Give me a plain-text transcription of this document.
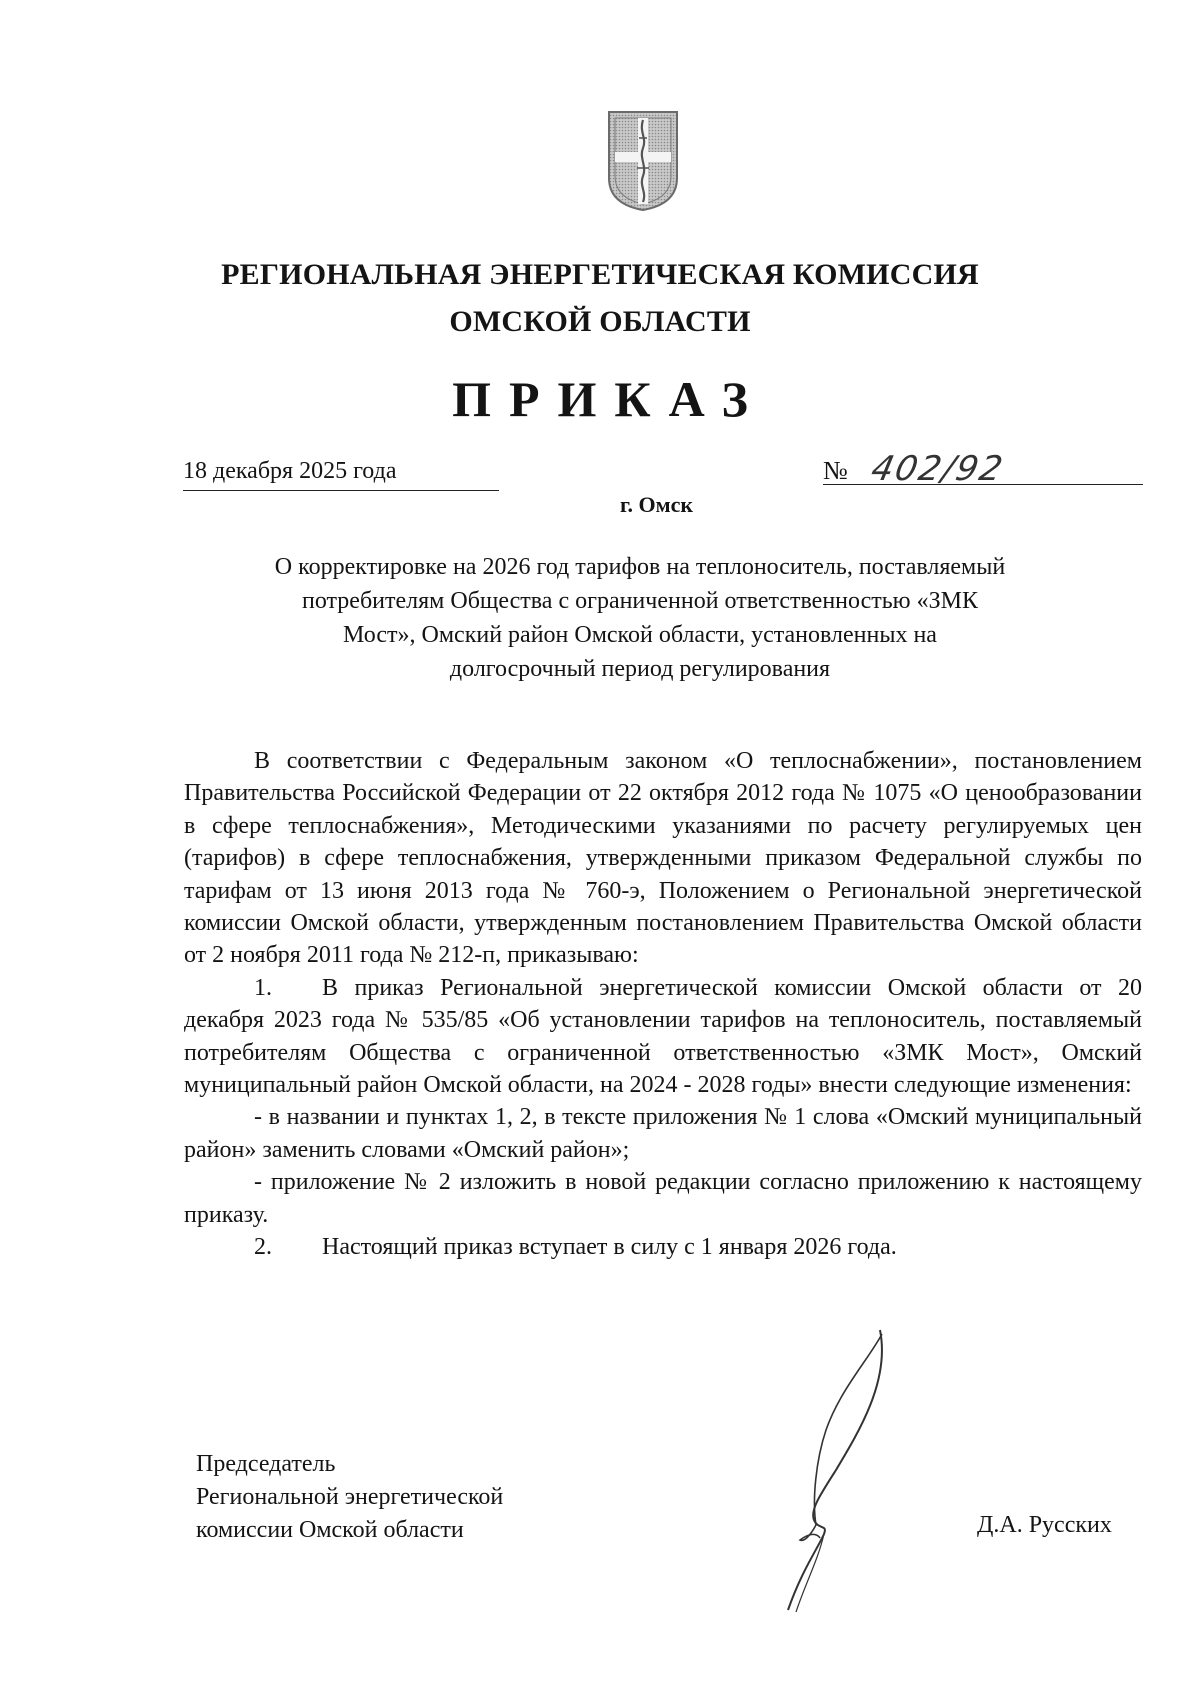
РЕГИОНАЛЬНАЯ ЭНЕРГЕТИЧЕСКАЯ КОМИССИЯ
ОМСКОЙ ОБЛАСТИ
ПРИКАЗ
18 декабря 2025 года	№ 402/92
г. Омск
О корректировке на 2026 год тарифов на теплоноситель, поставляемый
потребителям Общества с ограниченной ответственностью «ЗМК
Мост», Омский район Омской области, установленных на
долгосрочный период регулирования

В соответствии с Федеральным законом «О теплоснабжении», постановлением Правительства Российской Федерации от 22 октября 2012 года № 1075 «О ценообразовании в сфере теплоснабжения», Методическими указаниями по расчету регулируемых цен (тарифов) в сфере теплоснабжения, утвержденными приказом Федеральной службы по тарифам от 13 июня 2013 года № 760-э, Положением о Региональной энергетической комиссии Омской области, утвержденным постановлением Правительства Омской области от 2 ноября 2011 года № 212-п, приказываю:

1. В приказ Региональной энергетической комиссии Омской области от 20 декабря 2023 года № 535/85 «Об установлении тарифов на теплоноситель, поставляемый потребителям Общества с ограниченной ответственностью «ЗМК Мост», Омский муниципальный район Омской области, на 2024 - 2028 годы» внести следующие изменения:

- в названии и пунктах 1, 2, в тексте приложения № 1 слова «Омский муниципальный район» заменить словами «Омский район»;

- приложение № 2 изложить в новой редакции согласно приложению к настоящему приказу.

2. Настоящий приказ вступает в силу с 1 января 2026 года.

Председатель
Региональной энергетической
комиссии Омской области	Д.А. Русских
